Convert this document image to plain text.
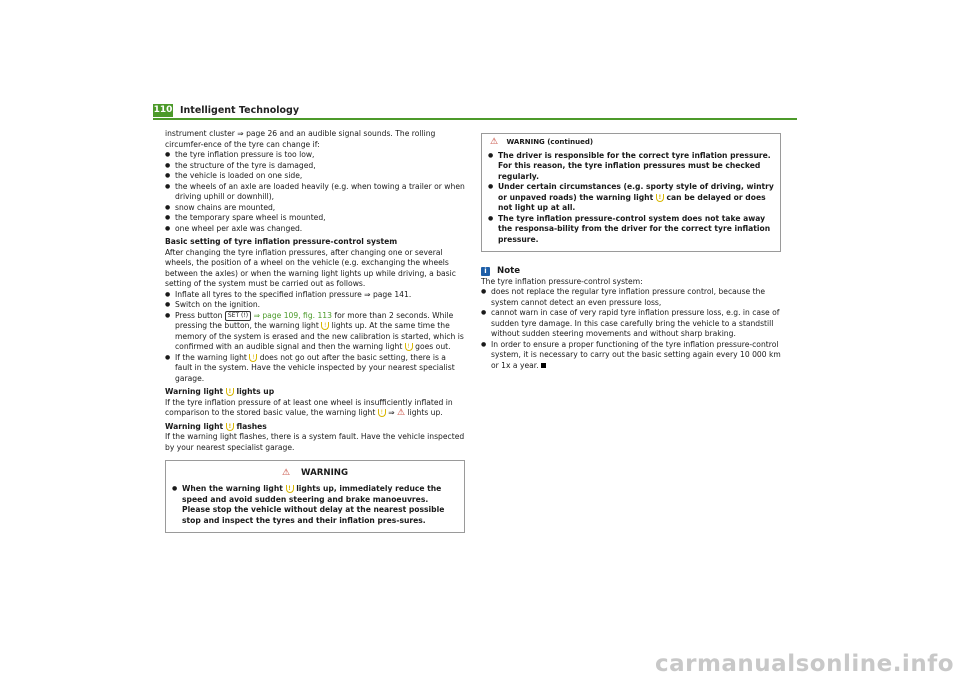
110 Intelligent Technology

instrument cluster ⇒ page 26 and an audible signal sounds. The rolling circumfer-ence of the tyre can change if:

● the tyre inflation pressure is too low,

● the structure of the tyre is damaged,

● the vehicle is loaded on one side,

● the wheels of an axle are loaded heavily (e.g. when towing a trailer or when driving uphill or downhill),

● snow chains are mounted,

● the temporary spare wheel is mounted,

● one wheel per axle was changed.

Basic setting of tyre inflation pressure-control system

After changing the tyre inflation pressures, after changing one or several wheels, the position of a wheel on the vehicle (e.g. exchanging the wheels between the axles) or when the warning light lights up while driving, a basic setting of the system must be carried out as follows.

● Inflate all tyres to the specified inflation pressure ⇒ page 141.

● Switch on the ignition.

● Press button SET (!) ⇒ page 109, fig. 113 for more than 2 seconds. While pressing the button, the warning light ! lights up. At the same time the memory of the system is erased and the new calibration is started, which is confirmed with an audible signal and then the warning light ! goes out.

● If the warning light ! does not go out after the basic setting, there is a fault in the system. Have the vehicle inspected by your nearest specialist garage.

Warning light ! lights up

If the tyre inflation pressure of at least one wheel is insufficiently inflated in comparison to the stored basic value, the warning light ! ⇒ ⚠ lights up.

Warning light ! flashes

If the warning light flashes, there is a system fault. Have the vehicle inspected by your nearest specialist garage.

⚠ WARNING

● When the warning light ! lights up, immediately reduce the speed and avoid sudden steering and brake manoeuvres. Please stop the vehicle without delay at the nearest possible stop and inspect the tyres and their inflation pres-sures.

⚠ WARNING (continued)

● The driver is responsible for the correct tyre inflation pressure. For this reason, the tyre inflation pressures must be checked regularly.

● Under certain circumstances (e.g. sporty style of driving, wintry or unpaved roads) the warning light ! can be delayed or does not light up at all.

● The tyre inflation pressure-control system does not take away the responsa-bility from the driver for the correct tyre inflation pressure.

i Note

The tyre inflation pressure-control system:

● does not replace the regular tyre inflation pressure control, because the system cannot detect an even pressure loss,

● cannot warn in case of very rapid tyre inflation pressure loss, e.g. in case of sudden tyre damage. In this case carefully bring the vehicle to a standstill without sudden steering movements and without sharp braking.

● In order to ensure a proper functioning of the tyre inflation pressure-control system, it is necessary to carry out the basic setting again every 10 000 km or 1x a year.

carmanualsonline.info
